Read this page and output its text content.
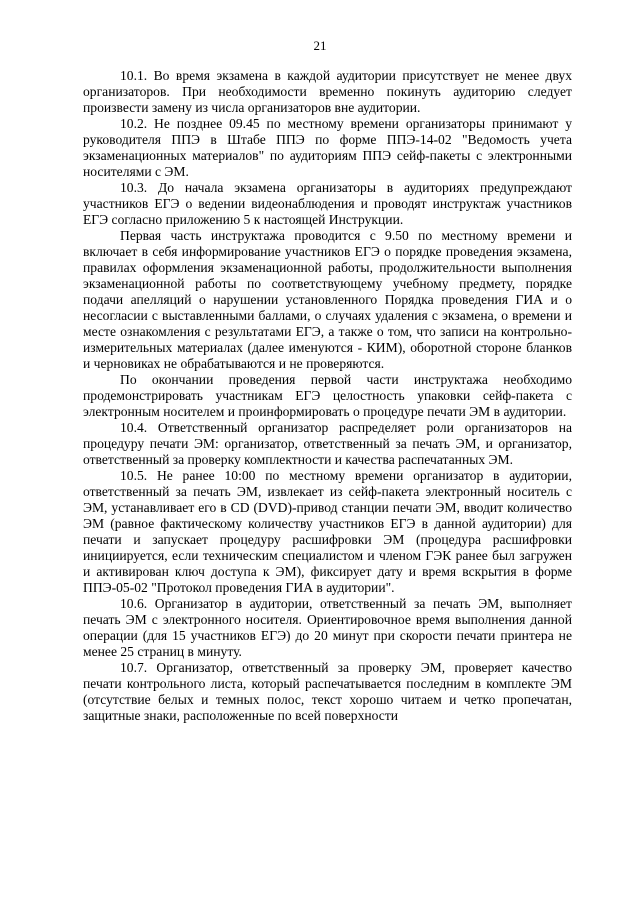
21

10.1. Во время экзамена в каждой аудитории присутствует не менее двух организаторов. При необходимости временно покинуть аудиторию следует произвести замену из числа организаторов вне аудитории.

10.2. Не позднее 09.45 по местному времени организаторы принимают у руководителя ППЭ в Штабе ППЭ по форме ППЭ-14-02 "Ведомость учета экзаменационных материалов" по аудиториям ППЭ сейф-пакеты с электронными носителями с ЭМ.

10.3. До начала экзамена организаторы в аудиториях предупреждают участников ЕГЭ о ведении видеонаблюдения и проводят инструктаж участников ЕГЭ согласно приложению 5 к настоящей Инструкции.

Первая часть инструктажа проводится с 9.50 по местному времени и включает в себя информирование участников ЕГЭ о порядке проведения экзамена, правилах оформления экзаменационной работы, продолжительности выполнения экзаменационной работы по соответствующему учебному предмету, порядке подачи апелляций о нарушении установленного Порядка проведения ГИА и о несогласии с выставленными баллами, о случаях удаления с экзамена, о времени и месте ознакомления с результатами ЕГЭ, а также о том, что записи на контрольно-измерительных материалах (далее именуются - КИМ), оборотной стороне бланков и черновиках не обрабатываются и не проверяются.

По окончании проведения первой части инструктажа необходимо продемонстрировать участникам ЕГЭ целостность упаковки сейф-пакета с электронным носителем и проинформировать о процедуре печати ЭМ в аудитории.

10.4. Ответственный организатор распределяет роли организаторов на процедуру печати ЭМ: организатор, ответственный за печать ЭМ, и организатор, ответственный за проверку комплектности и качества распечатанных ЭМ.

10.5. Не ранее 10:00 по местному времени организатор в аудитории, ответственный за печать ЭМ, извлекает из сейф-пакета электронный носитель с ЭМ, устанавливает его в CD (DVD)-привод станции печати ЭМ, вводит количество ЭМ (равное фактическому количеству участников ЕГЭ в данной аудитории) для печати и запускает процедуру расшифровки ЭМ (процедура расшифровки инициируется, если техническим специалистом и членом ГЭК ранее был загружен и активирован ключ доступа к ЭМ), фиксирует дату и время вскрытия в форме ППЭ-05-02 "Протокол проведения ГИА в аудитории".

10.6. Организатор в аудитории, ответственный за печать ЭМ, выполняет печать ЭМ с электронного носителя. Ориентировочное время выполнения данной операции (для 15 участников ЕГЭ) до 20 минут при скорости печати принтера не менее 25 страниц в минуту.

10.7. Организатор, ответственный за проверку ЭМ, проверяет качество печати контрольного листа, который распечатывается последним в комплекте ЭМ (отсутствие белых и темных полос, текст хорошо читаем и четко пропечатан, защитные знаки, расположенные по всей поверхности
